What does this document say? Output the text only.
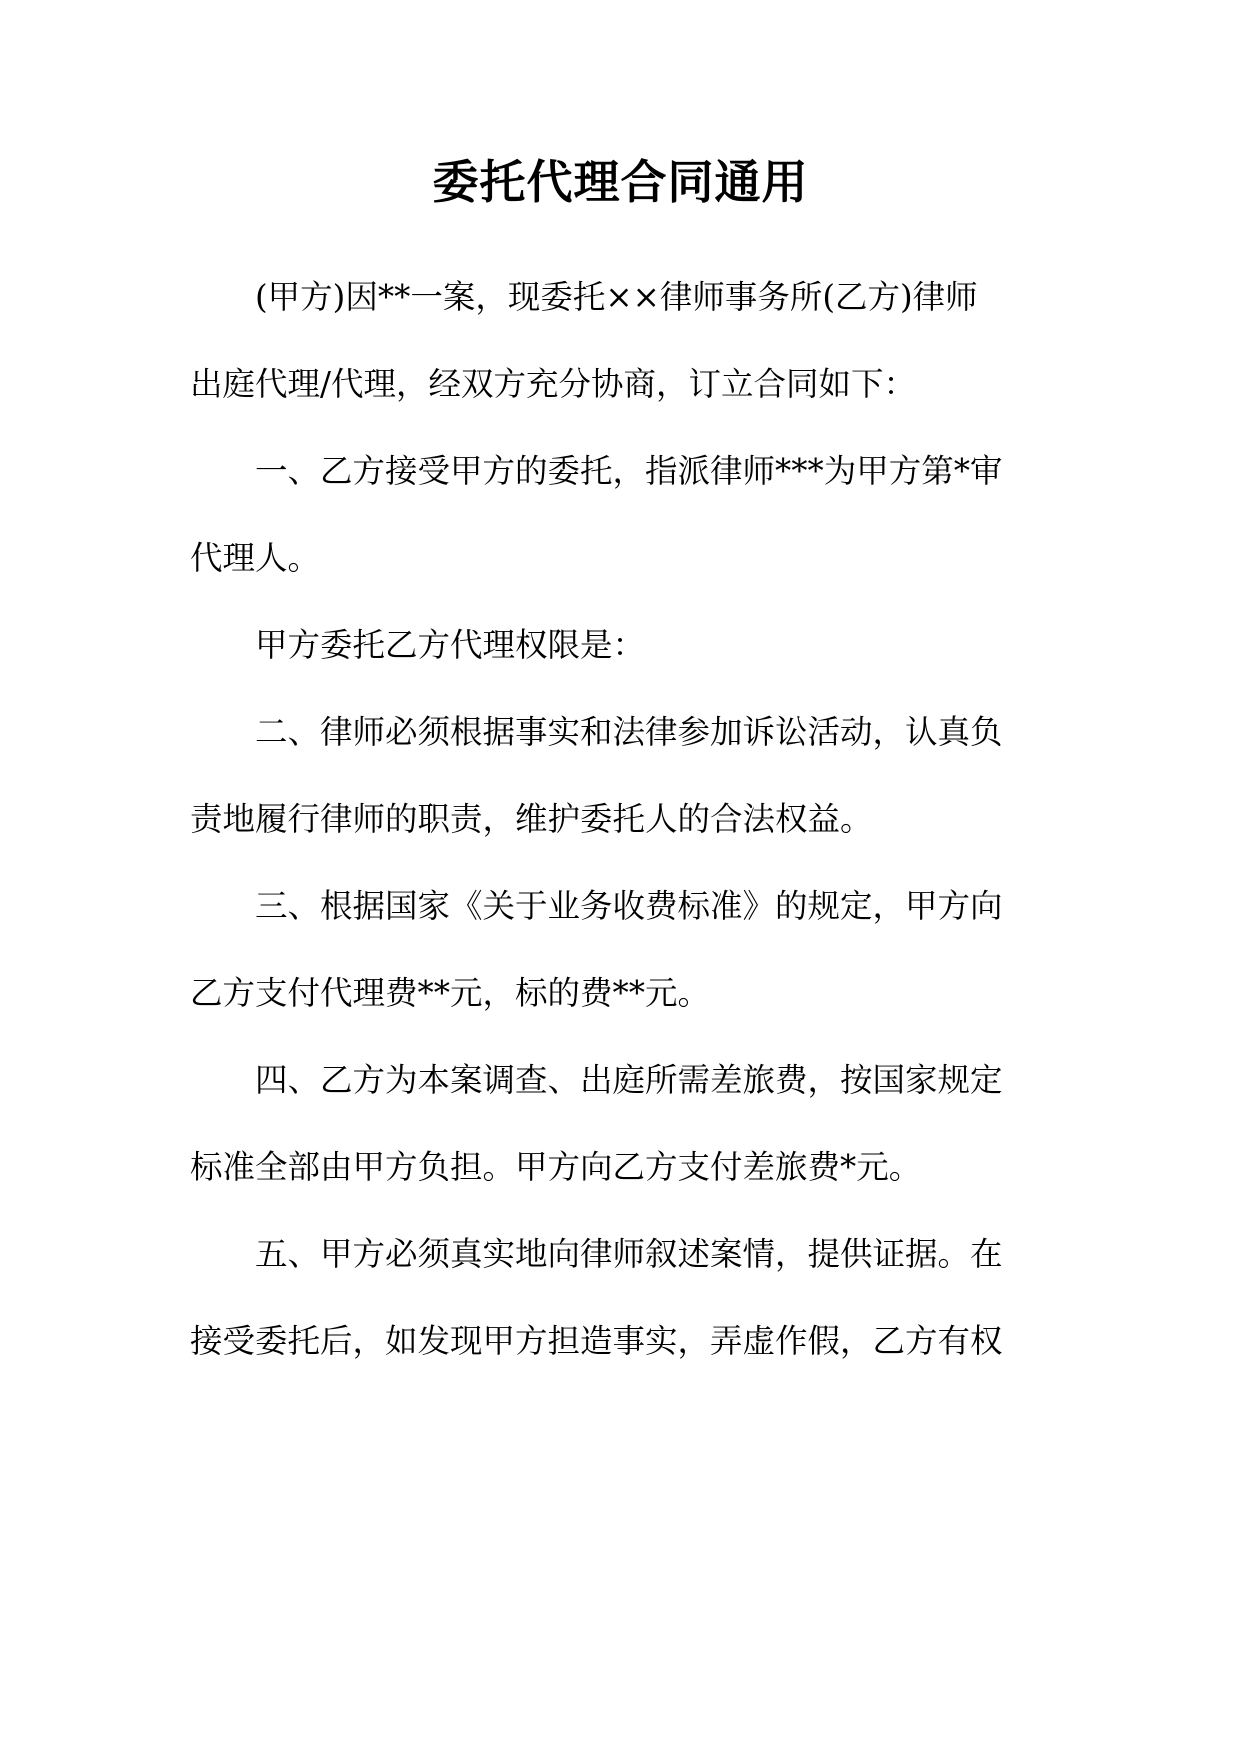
委托代理合同通用

(甲方)因**一案，现委托××律师事务所(乙方)律师

出庭代理/代理，经双方充分协商，订立合同如下：

一、乙方接受甲方的委托，指派律师***为甲方第*审

代理人。

甲方委托乙方代理权限是：

二、律师必须根据事实和法律参加诉讼活动，认真负

责地履行律师的职责，维护委托人的合法权益。

三、根据国家《关于业务收费标准》的规定，甲方向

乙方支付代理费**元，标的费**元。

四、乙方为本案调查、出庭所需差旅费，按国家规定

标准全部由甲方负担。甲方向乙方支付差旅费*元。

五、甲方必须真实地向律师叙述案情，提供证据。在

接受委托后，如发现甲方担造事实，弄虚作假，乙方有权
